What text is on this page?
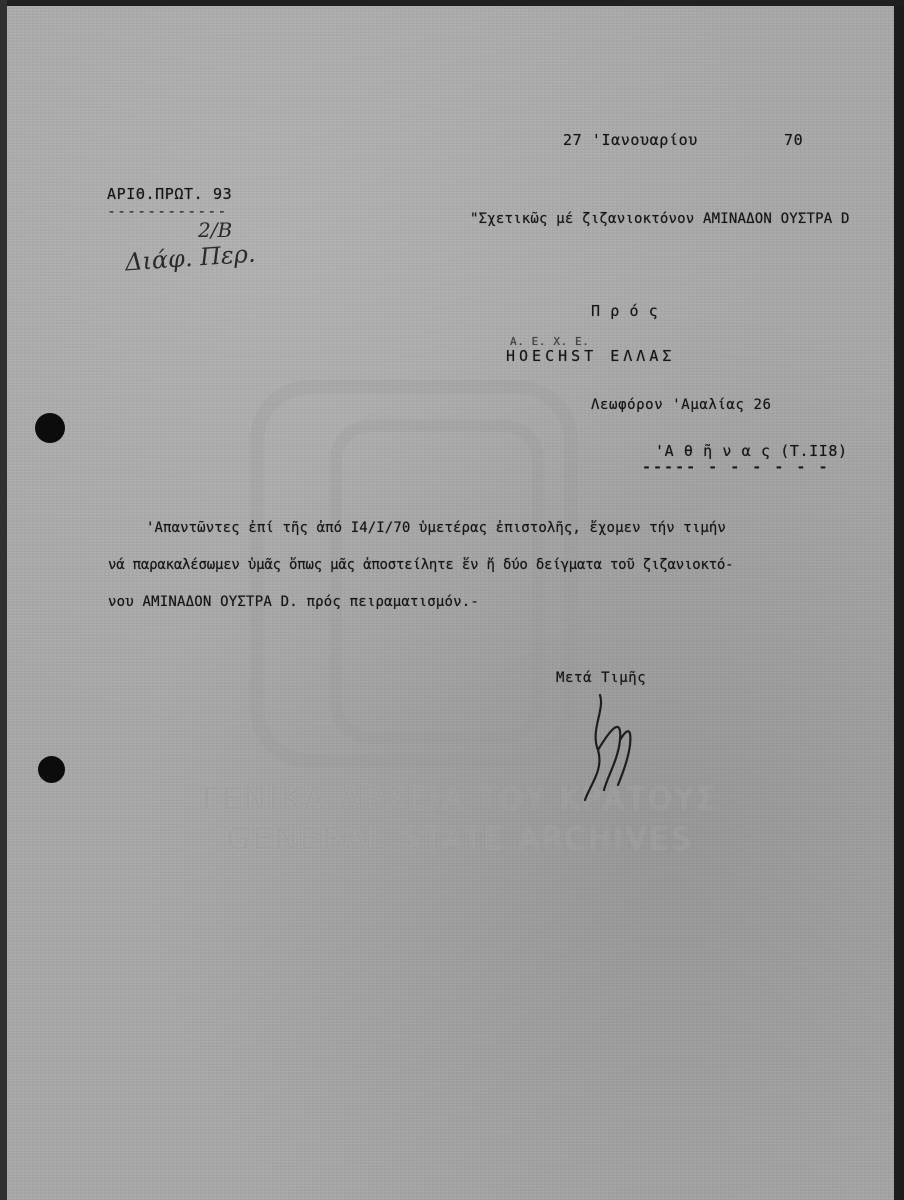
ΓΕΝΙΚΑ ΑΡΧΕΙΑ ΤΟΥ ΚΡΑΤΟΥΣ
GENERAL STATE ARCHIVES
27 'Ιανουαρίου	70
ΑΡΙΘ.ΠΡΩΤ. 93
------------	"Σχετικῶς μέ ζιζανιοκτόνον AMINAΔON OYΣTPA D
2/B
Διάφ. Περ.
Π ρ ό ς
Α. Ε. Χ. Ε.
HOECHST ΕΛΛΑΣ
Λεωφόρον 'Αμαλίας 26
'Α θ ῆ ν α ς (T.II8)
----- - - - - - -
'Απαντῶντες ἐπί τῆς ἀπό I4/I/70 ὑμετέρας ἐπιστολῆς, ἔχομεν τήν τιμήν
νά παρακαλέσωμεν ὑμᾶς ὅπως μᾶς ἀποστείλητε ἕν ἤ δύο δείγματα τοῦ ζιζανιοκτό-
νου AMINAΔON OYΣTPA D. πρός πειραματισμόν.-
Μετά Τιμῆς
